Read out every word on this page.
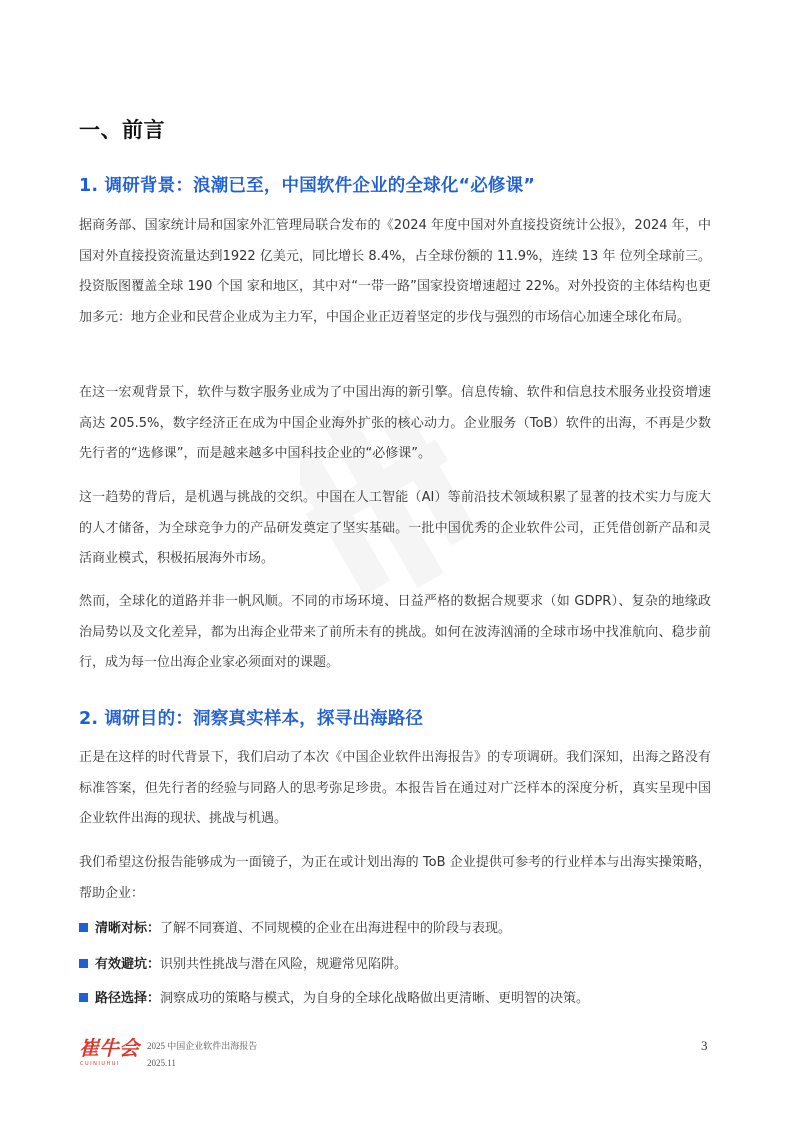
一、前言
1. 调研背景：浪潮已至，中国软件企业的全球化“必修课”
据商务部、国家统计局和国家外汇管理局联合发布的《2024 年度中国对外直接投资统计公报》，2024 年，中国对外直接投资流量达到1922 亿美元，同比增长 8.4%，占全球份额的 11.9%，连续 13 年 位列全球前三。投资版图覆盖全球 190 个国 家和地区，其中对“一带一路”国家投资增速超过 22%。对外投资的主体结构也更加多元：地方企业和民营企业成为主力军，中国企业正迈着坚定的步伐与强烈的市场信心加速全球化布局。
在这一宏观背景下，软件与数字服务业成为了中国出海的新引擎。信息传输、软件和信息技术服务业投资增速高达 205.5%，数字经济正在成为中国企业海外扩张的核心动力。企业服务（ToB）软件的出海，不再是少数先行者的“选修课”，而是越来越多中国科技企业的“必修课”。
这一趋势的背后，是机遇与挑战的交织。中国在人工智能（AI）等前沿技术领域积累了显著的技术实力与庞大的人才储备，为全球竞争力的产品研发奠定了坚实基础。一批中国优秀的企业软件公司，正凭借创新产品和灵活商业模式，积极拓展海外市场。
然而，全球化的道路并非一帆风顺。不同的市场环境、日益严格的数据合规要求（如 GDPR）、复杂的地缘政治局势以及文化差异，都为出海企业带来了前所未有的挑战。如何在波涛汹涌的全球市场中找准航向、稳步前行，成为每一位出海企业家必须面对的课题。
2. 调研目的：洞察真实样本，探寻出海路径
正是在这样的时代背景下，我们启动了本次《中国企业软件出海报告》的专项调研。我们深知，出海之路没有标准答案，但先行者的经验与同路人的思考弥足珍贵。本报告旨在通过对广泛样本的深度分析，真实呈现中国企业软件出海的现状、挑战与机遇。
我们希望这份报告能够成为一面镜子，为正在或计划出海的 ToB 企业提供可参考的行业样本与出海实操策略，帮助企业：
清晰对标：了解不同赛道、不同规模的企业在出海进程中的阶段与表现。
有效避坑：识别共性挑战与潜在风险，规避常见陷阱。
路径选择：洞察成功的策略与模式，为自身的全球化战略做出更清晰、更明智的决策。
崔牛会
CUINIUHUI
2025 中国企业软件出海报告
2025.11
3
